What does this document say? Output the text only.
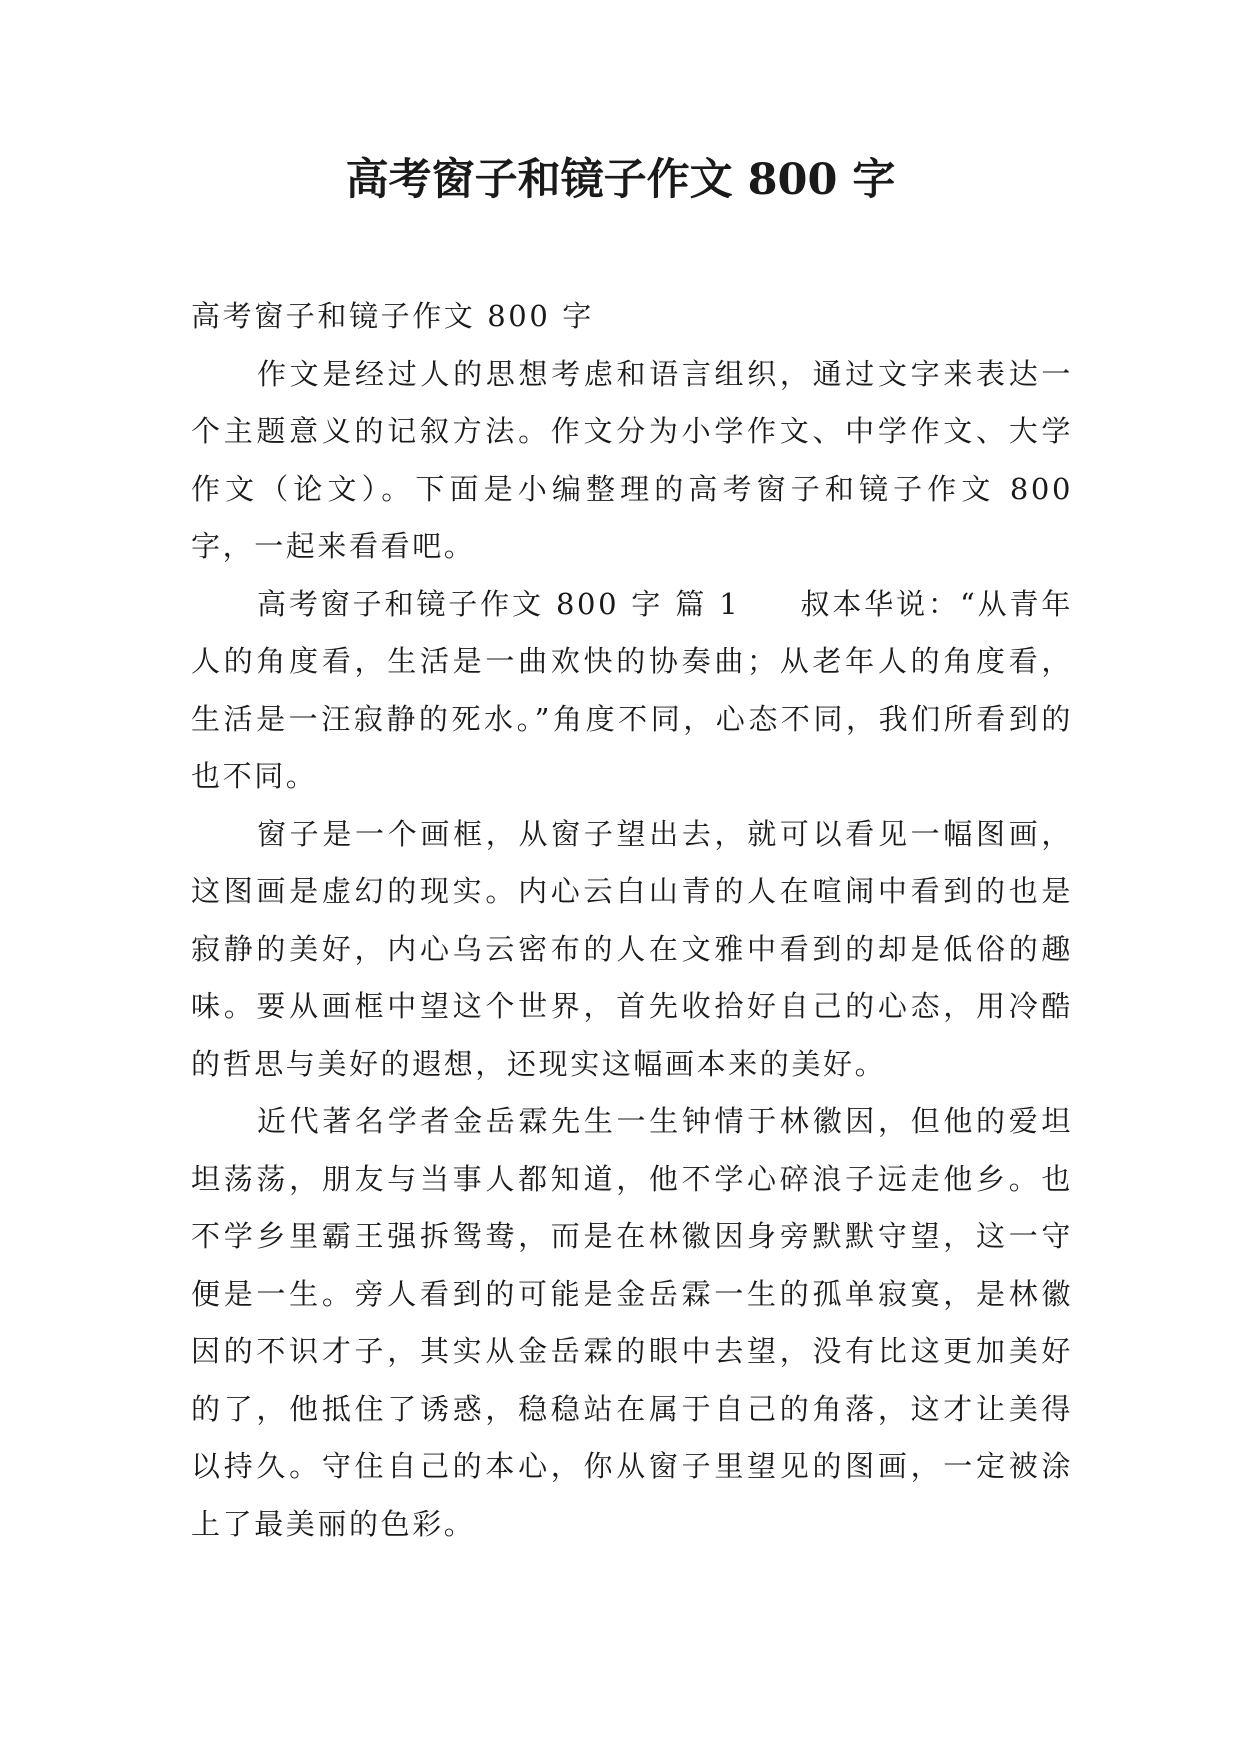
高考窗子和镜子作文 800 字

高考窗子和镜子作文 800 字

作文是经过人的思想考虑和语言组织，通过文字来表达一个主题意义的记叙方法。作文分为小学作文、中学作文、大学作文（论文）。下面是小编整理的高考窗子和镜子作文 800 字，一起来看看吧。

高考窗子和镜子作文 800 字 篇 1 叔本华说：“从青年人的角度看，生活是一曲欢快的协奏曲；从老年人的角度看，生活是一汪寂静的死水。”角度不同，心态不同，我们所看到的也不同。

窗子是一个画框，从窗子望出去，就可以看见一幅图画，这图画是虚幻的现实。内心云白山青的人在喧闹中看到的也是寂静的美好，内心乌云密布的人在文雅中看到的却是低俗的趣味。要从画框中望这个世界，首先收拾好自己的心态，用冷酷的哲思与美好的遐想，还现实这幅画本来的美好。

近代著名学者金岳霖先生一生钟情于林徽因，但他的爱坦坦荡荡，朋友与当事人都知道，他不学心碎浪子远走他乡。也不学乡里霸王强拆鸳鸯，而是在林徽因身旁默默守望，这一守便是一生。旁人看到的可能是金岳霖一生的孤单寂寞，是林徽因的不识才子，其实从金岳霖的眼中去望，没有比这更加美好的了，他抵住了诱惑，稳稳站在属于自己的角落，这才让美得以持久。守住自己的本心，你从窗子里望见的图画，一定被涂上了最美丽的色彩。
